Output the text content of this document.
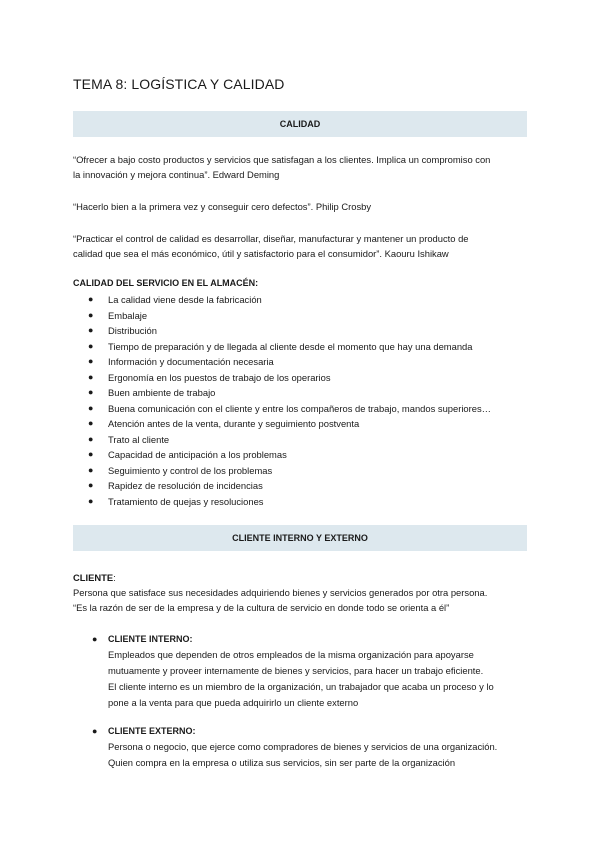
TEMA 8: LOGÍSTICA Y CALIDAD
CALIDAD
“Ofrecer a bajo costo productos y servicios que satisfagan a los clientes. Implica un compromiso con
la innovación y mejora continua”. Edward Deming
“Hacerlo bien a la primera vez y conseguir cero defectos”. Philip Crosby
“Practicar el control de calidad es desarrollar, diseñar, manufacturar y mantener un producto de
calidad que sea el más económico, útil y satisfactorio para el consumidor”. Kaouru Ishikaw
CALIDAD DEL SERVICIO EN EL ALMACÉN:
●	La calidad viene desde la fabricación
●	Embalaje
●	Distribución
●	Tiempo de preparación y de llegada al cliente desde el momento que hay una demanda
●	Información y documentación necesaria
●	Ergonomía en los puestos de trabajo de los operarios
●	Buen ambiente de trabajo
●	Buena comunicación con el cliente y entre los compañeros de trabajo, mandos superiores…
●	Atención antes de la venta, durante y seguimiento postventa
●	Trato al cliente
●	Capacidad de anticipación a los problemas
●	Seguimiento y control de los problemas
●	Rapidez de resolución de incidencias
●	Tratamiento de quejas y resoluciones
CLIENTE INTERNO Y EXTERNO
CLIENTE:
Persona que satisface sus necesidades adquiriendo bienes y servicios generados por otra persona.
“Es la razón de ser de la empresa y de la cultura de servicio en donde todo se orienta a él”
●	CLIENTE INTERNO:
Empleados que dependen de otros empleados de la misma organización para apoyarse
mutuamente y proveer internamente de bienes y servicios, para hacer un trabajo eficiente.
El cliente interno es un miembro de la organización, un trabajador que acaba un proceso y lo
pone a la venta para que pueda adquirirlo un cliente externo
●	CLIENTE EXTERNO:
Persona o negocio, que ejerce como compradores de bienes y servicios de una organización.
Quien compra en la empresa o utiliza sus servicios, sin ser parte de la organización
